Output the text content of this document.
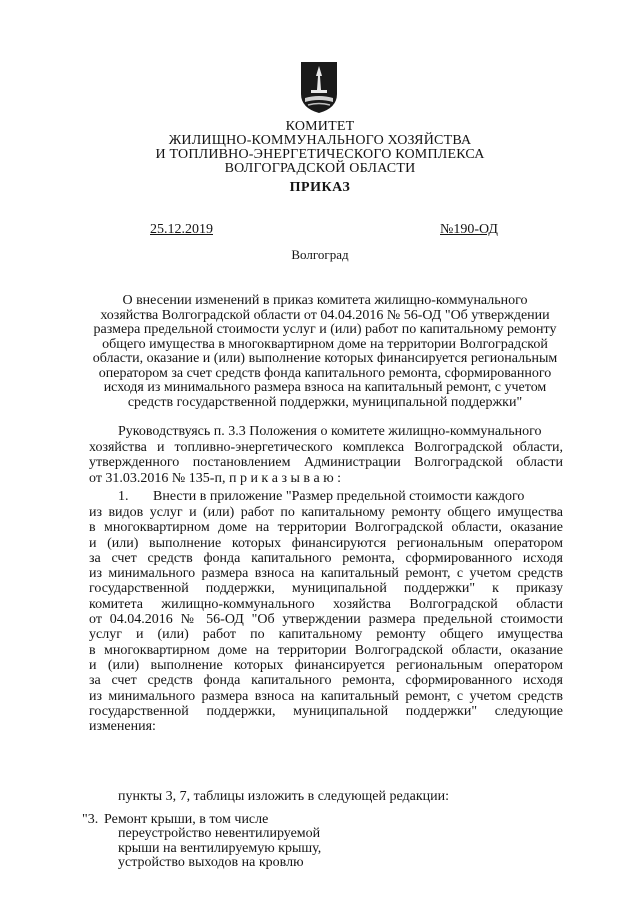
КОМИТЕТ
ЖИЛИЩНО-КОММУНАЛЬНОГО ХОЗЯЙСТВА
И ТОПЛИВНО-ЭНЕРГЕТИЧЕСКОГО КОМПЛЕКСА
ВОЛГОГРАДСКОЙ ОБЛАСТИ
ПРИКАЗ
25.12.2019	№190-ОД
Волгоград
О внесении изменений в приказ комитета жилищно-коммунального
хозяйства Волгоградской области от 04.04.2016 № 56-ОД "Об утверждении
размера предельной стоимости услуг и (или) работ по капитальному ремонту
общего имущества в многоквартирном доме на территории Волгоградской
области, оказание и (или) выполнение которых финансируется региональным
оператором за счет средств фонда капитального ремонта, сформированного
исходя из минимального размера взноса на капитальный ремонт, с учетом
средств государственной поддержки, муниципальной поддержки"
Руководствуясь п. 3.3 Положения о комитете жилищно-коммунального
хозяйства и топливно-энергетического комплекса Волгоградской области,
утвержденного постановлением Администрации Волгоградской области
от 31.03.2016 № 135-п, п р и к а з ы в а ю :
1. Внести в приложение "Размер предельной стоимости каждого
из видов услуг и (или) работ по капитальному ремонту общего имущества
в многоквартирном доме на территории Волгоградской области, оказание
и (или) выполнение которых финансируются региональным оператором
за счет средств фонда капитального ремонта, сформированного исходя
из минимального размера взноса на капитальный ремонт, с учетом средств
государственной поддержки, муниципальной поддержки" к приказу
комитета жилищно-коммунального хозяйства Волгоградской области
от 04.04.2016 № 56-ОД "Об утверждении размера предельной стоимости
услуг и (или) работ по капитальному ремонту общего имущества
в многоквартирном доме на территории Волгоградской области, оказание
и (или) выполнение которых финансируется региональным оператором
за счет средств фонда капитального ремонта, сформированного исходя
из минимального размера взноса на капитальный ремонт, с учетом средств
государственной поддержки, муниципальной поддержки" следующие
изменения:
пункты 3, 7, таблицы изложить в следующей редакции:
"3. Ремонт крыши, в том числе
переустройство невентилируемой
крыши на вентилируемую крышу,
устройство выходов на кровлю
